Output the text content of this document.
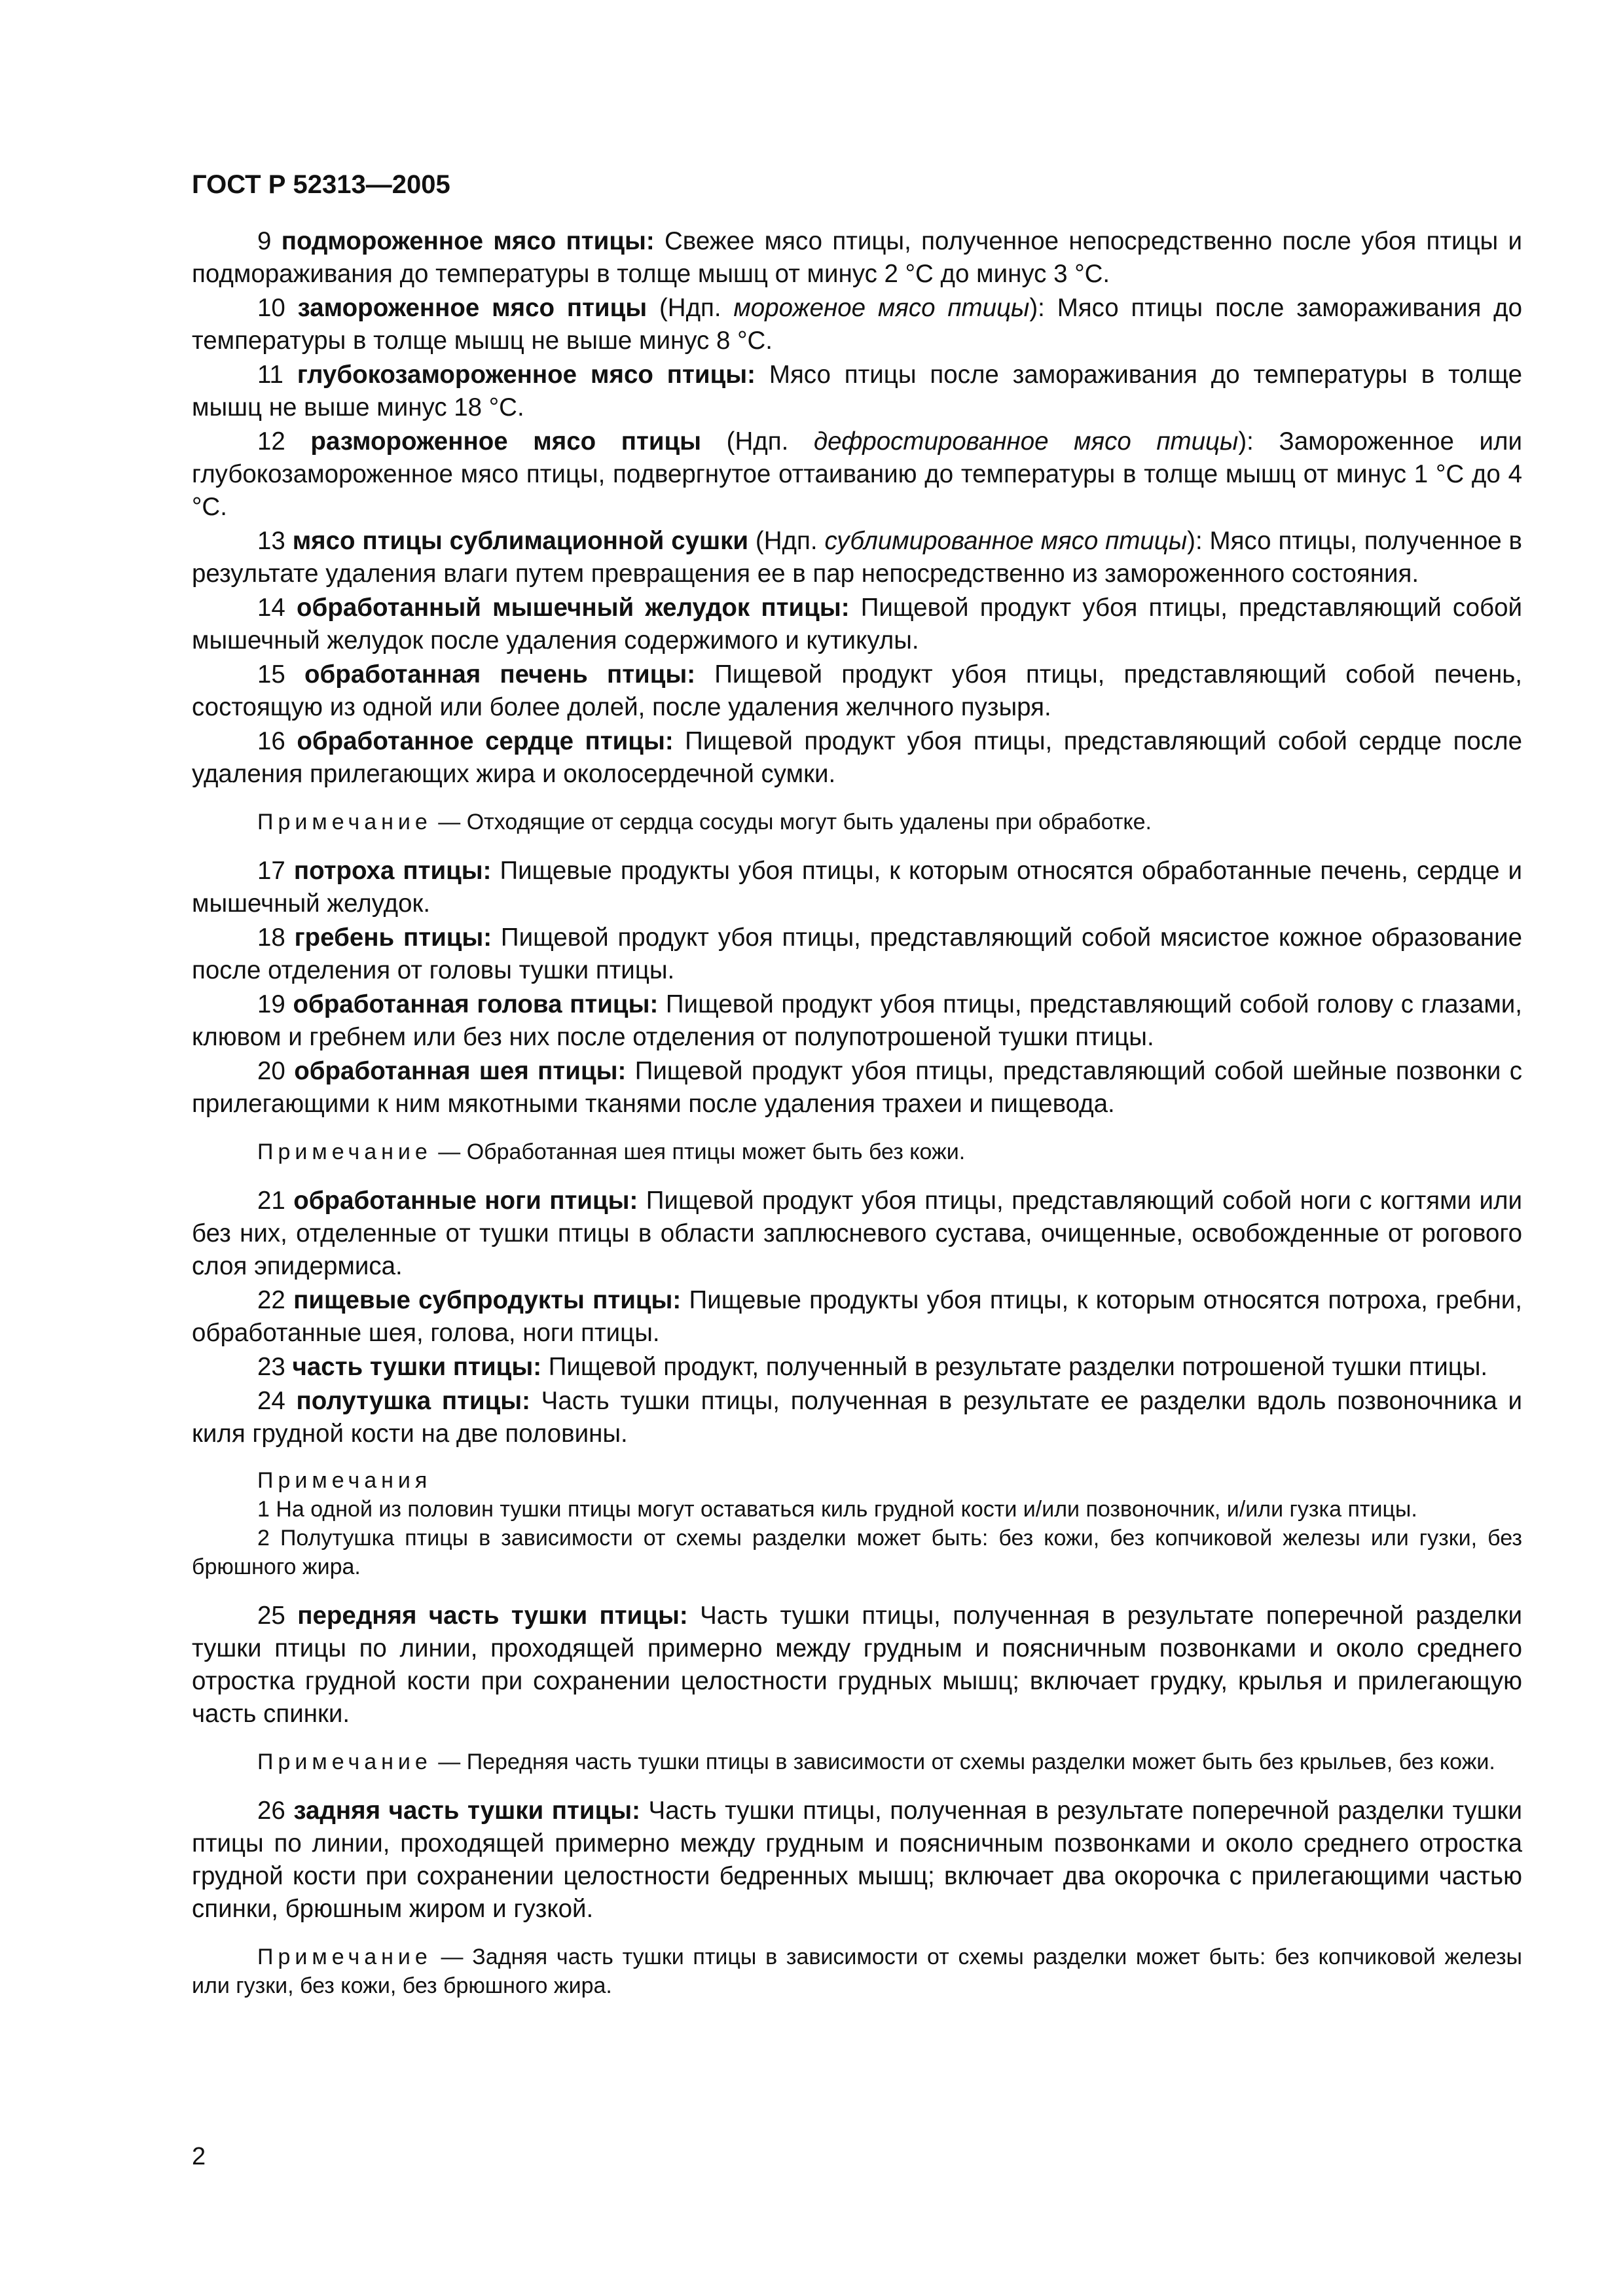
ГОСТ Р 52313—2005

9 подмороженное мясо птицы: Свежее мясо птицы, полученное непосредственно после убоя птицы и подмораживания до температуры в толще мышц от минус 2 °С до минус 3 °С.

10 замороженное мясо птицы (Ндп. мороженое мясо птицы): Мясо птицы после замораживания до температуры в толще мышц не выше минус 8 °С.

11 глубокозамороженное мясо птицы: Мясо птицы после замораживания до температуры в толще мышц не выше минус 18 °С.

12 размороженное мясо птицы (Ндп. дефростированное мясо птицы): Замороженное или глубокозамороженное мясо птицы, подвергнутое оттаиванию до температуры в толще мышц от минус 1 °С до 4 °С.

13 мясо птицы сублимационной сушки (Ндп. сублимированное мясо птицы): Мясо птицы, полученное в результате удаления влаги путем превращения ее в пар непосредственно из замороженного состояния.

14 обработанный мышечный желудок птицы: Пищевой продукт убоя птицы, представляющий собой мышечный желудок после удаления содержимого и кутикулы.

15 обработанная печень птицы: Пищевой продукт убоя птицы, представляющий собой печень, состоящую из одной или более долей, после удаления желчного пузыря.

16 обработанное сердце птицы: Пищевой продукт убоя птицы, представляющий собой сердце после удаления прилегающих жира и околосердечной сумки.

Примечание — Отходящие от сердца сосуды могут быть удалены при обработке.

17 потроха птицы: Пищевые продукты убоя птицы, к которым относятся обработанные печень, сердце и мышечный желудок.

18 гребень птицы: Пищевой продукт убоя птицы, представляющий собой мясистое кожное образование после отделения от головы тушки птицы.

19 обработанная голова птицы: Пищевой продукт убоя птицы, представляющий собой голову с глазами, клювом и гребнем или без них после отделения от полупотрошеной тушки птицы.

20 обработанная шея птицы: Пищевой продукт убоя птицы, представляющий собой шейные позвонки с прилегающими к ним мякотными тканями после удаления трахеи и пищевода.

Примечание — Обработанная шея птицы может быть без кожи.

21 обработанные ноги птицы: Пищевой продукт убоя птицы, представляющий собой ноги с когтями или без них, отделенные от тушки птицы в области заплюсневого сустава, очищенные, освобожденные от рогового слоя эпидермиса.

22 пищевые субпродукты птицы: Пищевые продукты убоя птицы, к которым относятся потроха, гребни, обработанные шея, голова, ноги птицы.

23 часть тушки птицы: Пищевой продукт, полученный в результате разделки потрошеной тушки птицы.

24 полутушка птицы: Часть тушки птицы, полученная в результате ее разделки вдоль позвоночника и киля грудной кости на две половины.

Примечания

1 На одной из половин тушки птицы могут оставаться киль грудной кости и/или позвоночник, и/или гузка птицы.

2 Полутушка птицы в зависимости от схемы разделки может быть: без кожи, без копчиковой железы или гузки, без брюшного жира.

25 передняя часть тушки птицы: Часть тушки птицы, полученная в результате поперечной разделки тушки птицы по линии, проходящей примерно между грудным и поясничным позвонками и около среднего отростка грудной кости при сохранении целостности грудных мышц; включает грудку, крылья и прилегающую часть спинки.

Примечание — Передняя часть тушки птицы в зависимости от схемы разделки может быть без крыльев, без кожи.

26 задняя часть тушки птицы: Часть тушки птицы, полученная в результате поперечной разделки тушки птицы по линии, проходящей примерно между грудным и поясничным позвонками и около среднего отростка грудной кости при сохранении целостности бедренных мышц; включает два окорочка с прилегающими частью спинки, брюшным жиром и гузкой.

Примечание — Задняя часть тушки птицы в зависимости от схемы разделки может быть: без копчиковой железы или гузки, без кожи, без брюшного жира.

2
